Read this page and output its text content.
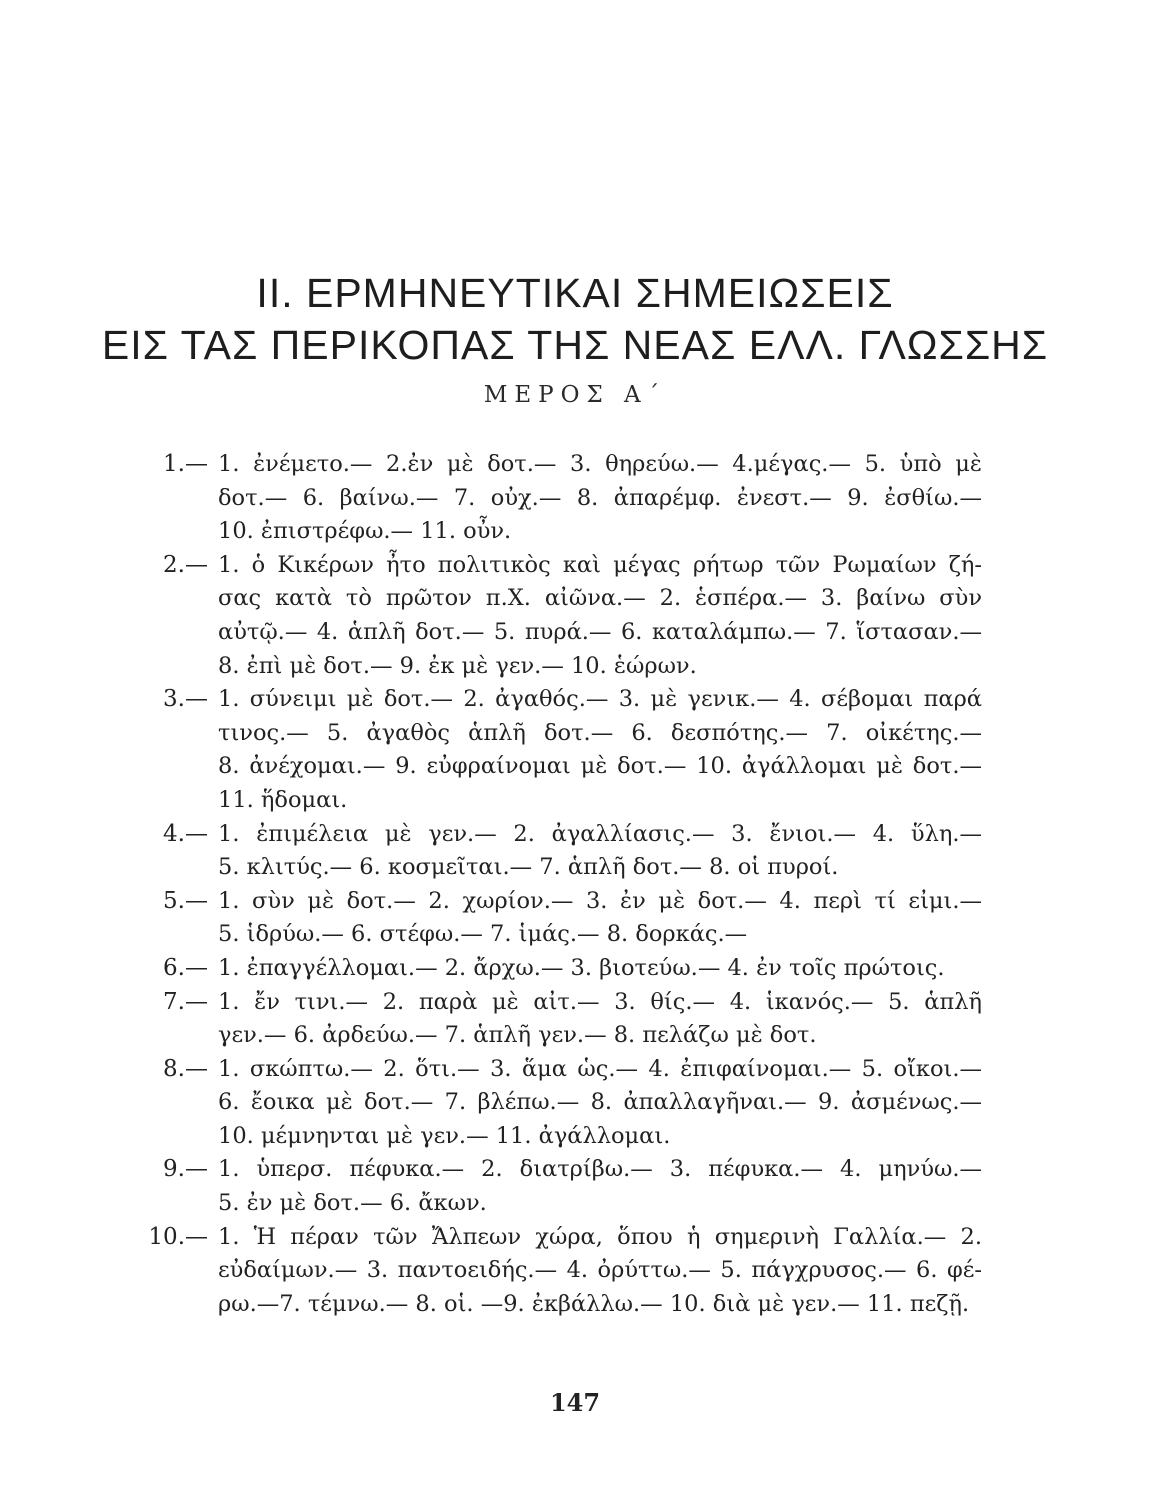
II. ΕΡΜΗΝΕΥΤΙΚΑΙ ΣΗΜΕΙΩΣΕΙΣ
ΕΙΣ ΤΑΣ ΠΕΡΙΚΟΠΑΣ ΤΗΣ ΝΕΑΣ ΕΛΛ. ΓΛΩΣΣΗΣ
ΜΕΡΟΣ Α΄
1.— 1. ἐνέμετο.— 2.ἐν μὲ δοτ.— 3. θηρεύω.— 4.μέγας.— 5. ὑπὸ μὲ
δοτ.— 6. βαίνω.— 7. οὐχ.— 8. ἀπαρέμφ. ἐνεστ.— 9. ἐσθίω.—
10. ἐπιστρέφω.— 11. οὖν.
2.— 1. ὁ Κικέρων ἦτο πολιτικὸς καὶ μέγας ρήτωρ τῶν Ρωμαίων ζή-
σας κατὰ τὸ πρῶτον π.Χ. αἰῶνα.— 2. ἑσπέρα.— 3. βαίνω σὺν
αὐτῷ.— 4. ἁπλῆ δοτ.— 5. πυρά.— 6. καταλάμπω.— 7. ἵστασαν.—
8. ἐπὶ μὲ δοτ.— 9. ἐκ μὲ γεν.— 10. ἑώρων.
3.— 1. σύνειμι μὲ δοτ.— 2. ἀγαθός.— 3. μὲ γενικ.— 4. σέβομαι παρά
τινος.— 5. ἀγαθὸς ἁπλῆ δοτ.— 6. δεσπότης.— 7. οἰκέτης.—
8. ἀνέχομαι.— 9. εὐφραίνομαι μὲ δοτ.— 10. ἀγάλλομαι μὲ δοτ.—
11. ἥδομαι.
4.— 1. ἐπιμέλεια μὲ γεν.— 2. ἀγαλλίασις.— 3. ἔνιοι.— 4. ὕλη.—
5. κλιτύς.— 6. κοσμεῖται.— 7. ἁπλῆ δοτ.— 8. οἱ πυροί.
5.— 1. σὺν μὲ δοτ.— 2. χωρίον.— 3. ἐν μὲ δοτ.— 4. περὶ τί εἰμι.—
5. ἱδρύω.— 6. στέφω.— 7. ἱμάς.— 8. δορκάς.—
6.— 1. ἐπαγγέλλομαι.— 2. ἄρχω.— 3. βιοτεύω.— 4. ἐν τοῖς πρώτοις.
7.— 1. ἔν τινι.— 2. παρὰ μὲ αἰτ.— 3. θίς.— 4. ἱκανός.— 5. ἁπλῆ
γεν.— 6. ἀρδεύω.— 7. ἁπλῆ γεν.— 8. πελάζω μὲ δοτ.
8.— 1. σκώπτω.— 2. ὅτι.— 3. ἅμα ὡς.— 4. ἐπιφαίνομαι.— 5. οἴκοι.—
6. ἔοικα μὲ δοτ.— 7. βλέπω.— 8. ἀπαλλαγῆναι.— 9. ἀσμένως.—
10. μέμνηνται μὲ γεν.— 11. ἀγάλλομαι.
9.— 1. ὑπερσ. πέφυκα.— 2. διατρίβω.— 3. πέφυκα.— 4. μηνύω.—
5. ἐν μὲ δοτ.— 6. ἄκων.
10.— 1. Ἡ πέραν τῶν Ἄλπεων χώρα, ὅπου ἡ σημερινὴ Γαλλία.— 2.
εὐδαίμων.— 3. παντοειδής.— 4. ὀρύττω.— 5. πάγχρυσος.— 6. φέ-
ρω.—7. τέμνω.— 8. οἱ. —9. ἐκβάλλω.— 10. διὰ μὲ γεν.— 11. πεζῇ.
147
